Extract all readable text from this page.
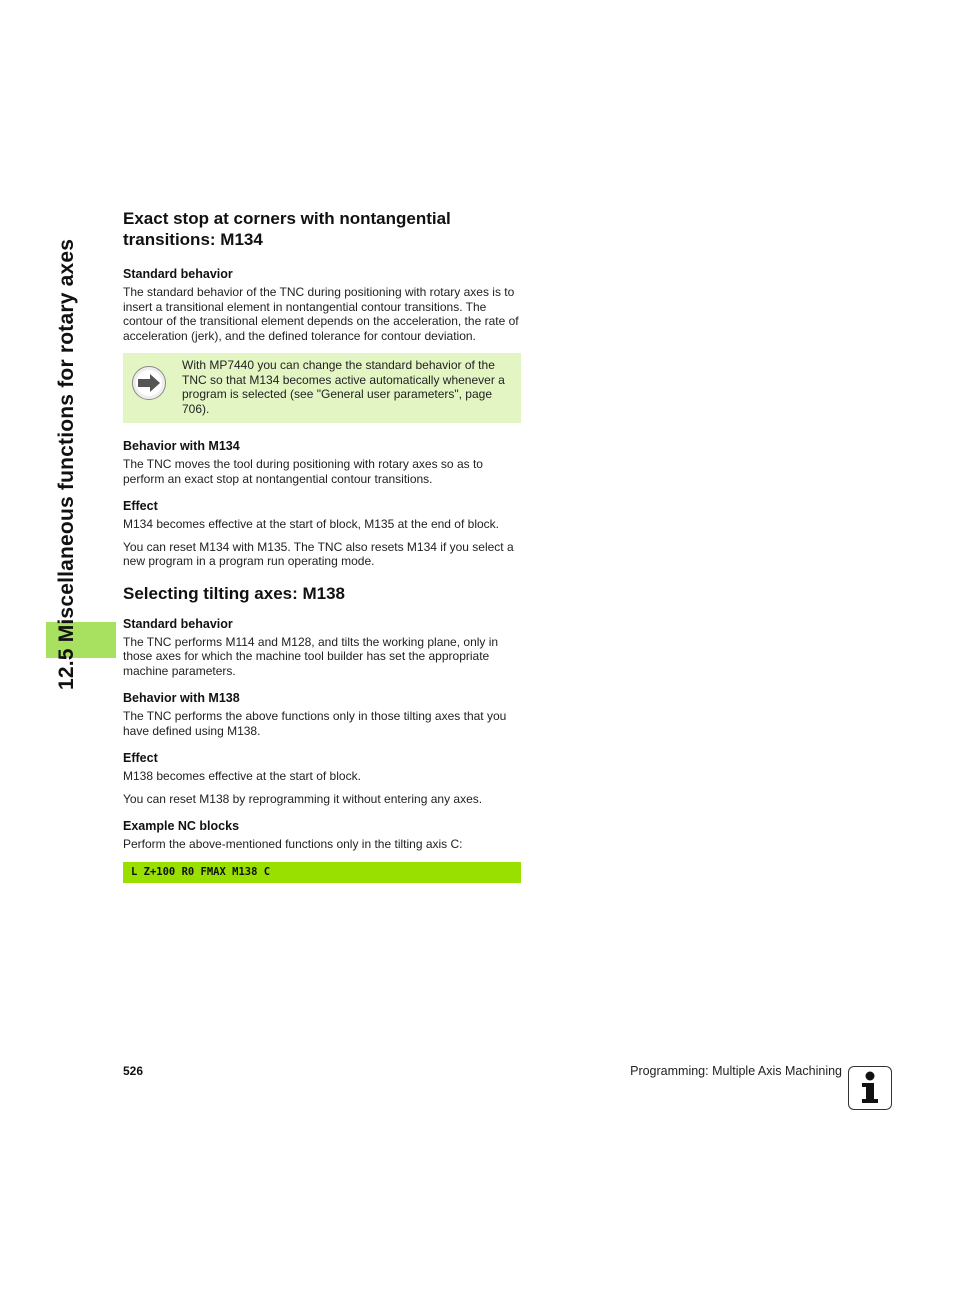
12.5 Miscellaneous functions for rotary axes
Exact stop at corners with nontangential
transitions: M134
Standard behavior

The standard behavior of the TNC during positioning with rotary axes is to insert a transitional element in nontangential contour transitions. The contour of the transitional element depends on the acceleration, the rate of acceleration (jerk), and the defined tolerance for contour deviation.

With MP7440 you can change the standard behavior of the TNC so that M134 becomes active automatically whenever a program is selected (see "General user parameters", page 706).
Behavior with M134

The TNC moves the tool during positioning with rotary axes so as to perform an exact stop at nontangential contour transitions.

Effect

M134 becomes effective at the start of block, M135 at the end of block.

You can reset M134 with M135. The TNC also resets M134 if you select a new program in a program run operating mode.

Selecting tilting axes: M138
Standard behavior

The TNC performs M114 and M128, and tilts the working plane, only in those axes for which the machine tool builder has set the appropriate machine parameters.

Behavior with M138

The TNC performs the above functions only in those tilting axes that you have defined using M138.

Effect

M138 becomes effective at the start of block.

You can reset M138 by reprogramming it without entering any axes.

Example NC blocks

Perform the above-mentioned functions only in the tilting axis C:

L Z+100 R0 FMAX M138 C
526	Programming: Multiple Axis Machining
